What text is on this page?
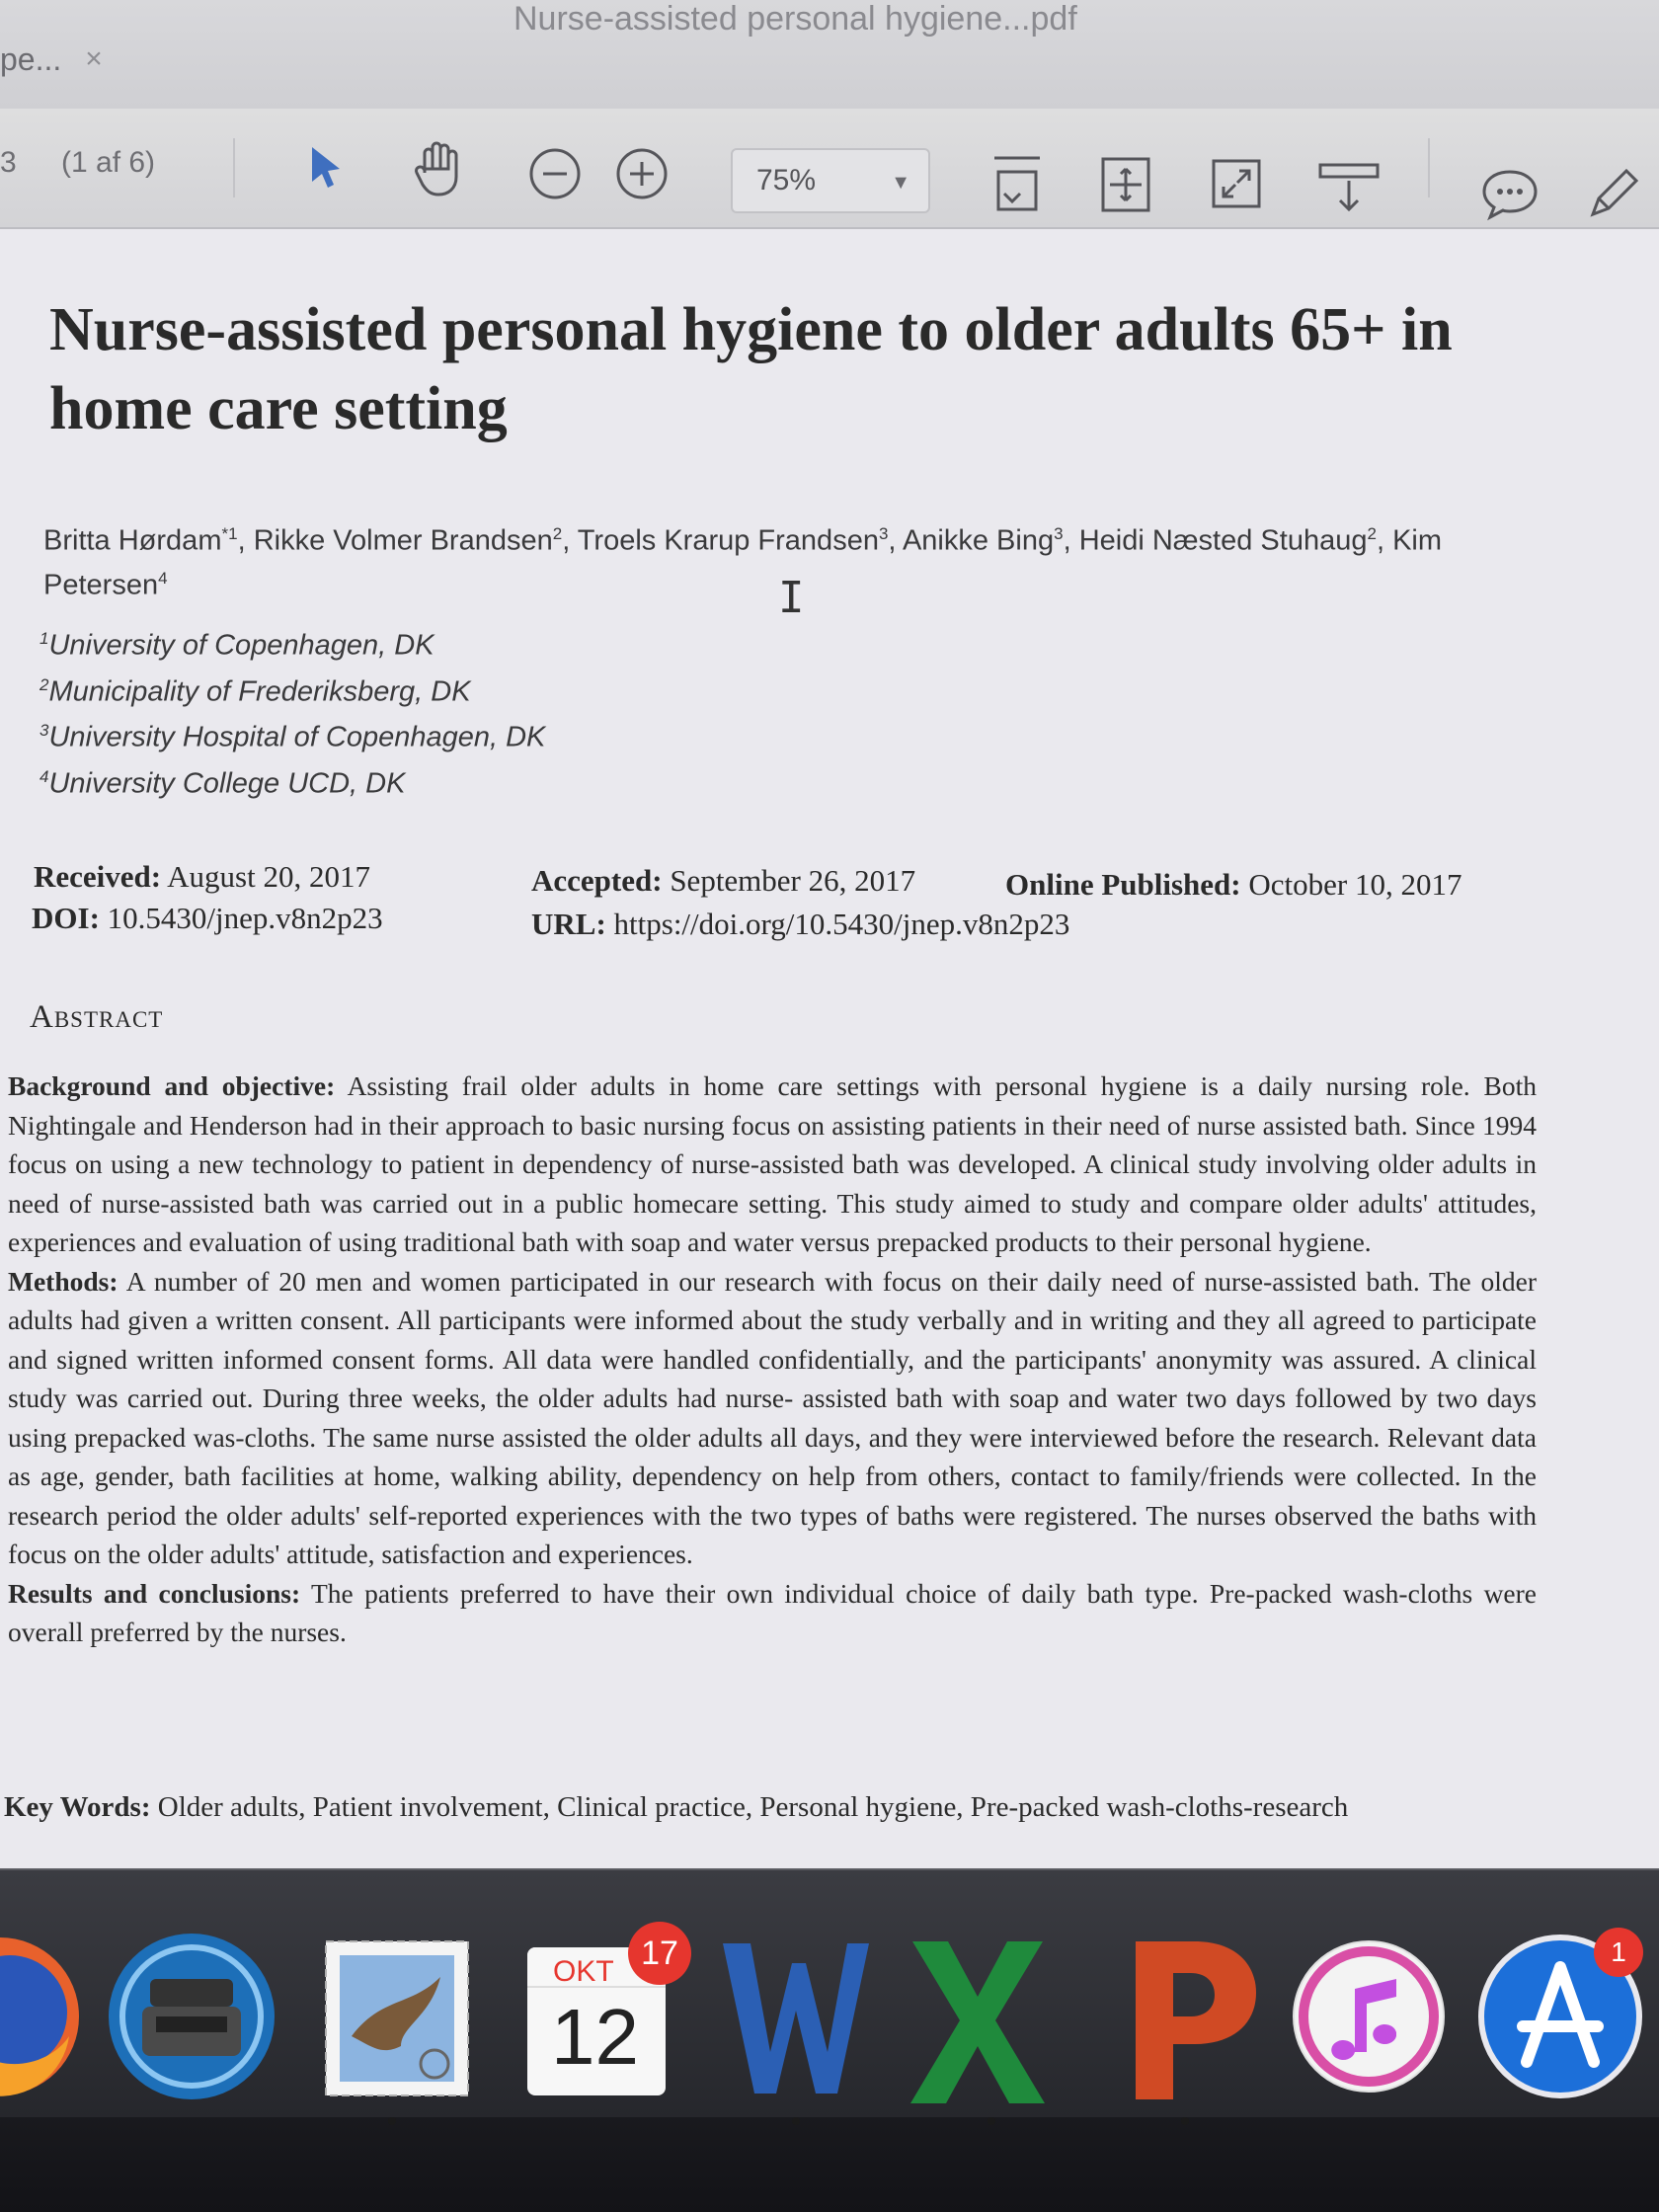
Nurse-assisted personal hygiene...pdf
pe... ×
3 (1 af 6)
75%	▼
Nurse-assisted personal hygiene to older adults 65+ in home care setting
Britta Hørdam$^{*1}$, Rikke Volmer Brandsen$^2$, Troels Krarup Frandsen$^3$, Anikke Bing$^3$, Heidi Næsted Stuhaug$^2$, Kim Petersen$^4$	I
$^1$University of Copenhagen, DK
$^2$Municipality of Frederiksberg, DK
$^3$University Hospital of Copenhagen, DK
$^4$University College UCD, DK
Received: August 20, 2017	Accepted: September 26, 2017	Online Published: October 10, 2017
DOI: 10.5430/jnep.v8n2p23	URL: https://doi.org/10.5430/jnep.v8n2p23
Abstract

Background and objective: Assisting frail older adults in home care settings with personal hygiene is a daily nursing role. Both Nightingale and Henderson had in their approach to basic nursing focus on assisting patients in their need of nurse assisted bath. Since 1994 focus on using a new technology to patient in dependency of nurse-assisted bath was developed. A clinical study involving older adults in need of nurse-assisted bath was carried out in a public homecare setting. This study aimed to study and compare older adults' attitudes, experiences and evaluation of using traditional bath with soap and water versus prepacked products to their personal hygiene.

Methods: A number of 20 men and women participated in our research with focus on their daily need of nurse-assisted bath. The older adults had given a written consent. All participants were informed about the study verbally and in writing and they all agreed to participate and signed written informed consent forms. All data were handled confidentially, and the participants' anonymity was assured. A clinical study was carried out. During three weeks, the older adults had nurse- assisted bath with soap and water two days followed by two days using prepacked was-cloths. The same nurse assisted the older adults all days, and they were interviewed before the research. Relevant data as age, gender, bath facilities at home, walking ability, dependency on help from others, contact to family/friends were collected. In the research period the older adults' self-reported experiences with the two types of baths were registered. The nurses observed the baths with focus on the older adults' attitude, satisfaction and experiences.

Results and conclusions: The patients preferred to have their own individual choice of daily bath type. Pre-packed wash-cloths were overall preferred by the nurses.

Key Words: Older adults, Patient involvement, Clinical practice, Personal hygiene, Pre-packed wash-cloths-research
OKT
12
17	1
